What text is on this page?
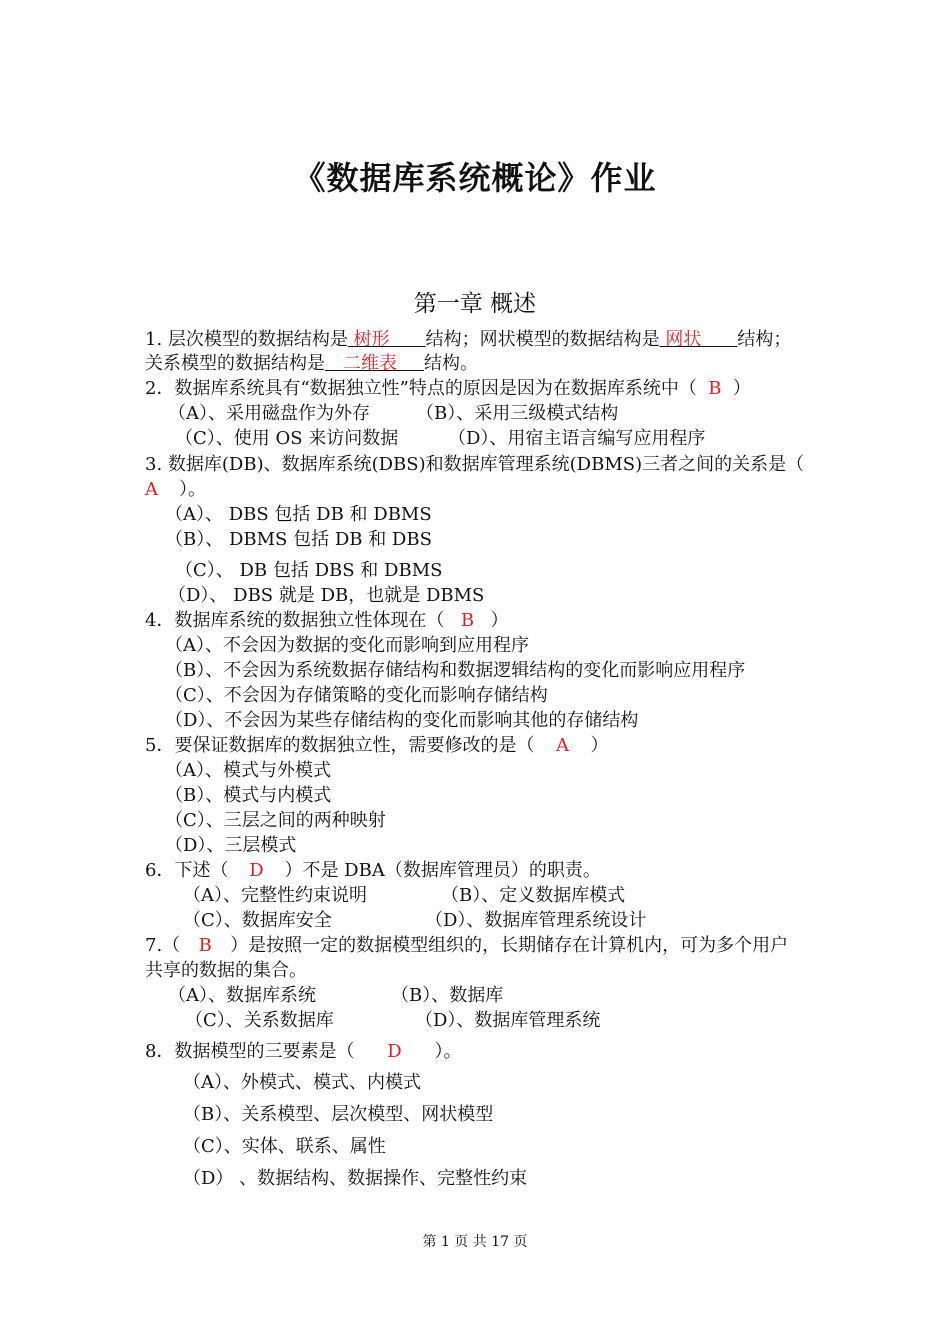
《数据库系统概论》作业
第一章 概述
1. 层次模型的数据结构是 树形   结构；网状模型的数据结构是 网状   结构；
关系模型的数据结构是   二维表   结构。
2．数据库系统具有“数据独立性”特点的原因是因为在数据库系统中（ B ）
（A）、采用磁盘作为外存	（B）、采用三级模式结构
（C）、使用 OS 来访问数据	（D）、用宿主语言编写应用程序
3. 数据库(DB)、数据库系统(DBS)和数据库管理系统(DBMS)三者之间的关系是（
A ）。
（A）、 DBS 包括 DB 和 DBMS
（B）、 DBMS 包括 DB 和 DBS
（C）、 DB 包括 DBS 和 DBMS
（D）、 DBS 就是 DB，也就是 DBMS
4．数据库系统的数据独立性体现在（ B ）
（A）、不会因为数据的变化而影响到应用程序
（B）、不会因为系统数据存储结构和数据逻辑结构的变化而影响应用程序
（C）、不会因为存储策略的变化而影响存储结构
（D）、不会因为某些存储结构的变化而影响其他的存储结构
5．要保证数据库的数据独立性，需要修改的是（ A ）
（A）、模式与外模式
（B）、模式与内模式
（C）、三层之间的两种映射
（D）、三层模式
6．下述（ D ）不是 DBA（数据库管理员）的职责。
（A）、完整性约束说明	（B）、定义数据库模式
（C）、数据库安全	（D）、数据库管理系统设计
7.（ B ）是按照一定的数据模型组织的，长期储存在计算机内，可为多个用户
共享的数据的集合。
（A）、数据库系统	（B）、数据库
（C）、关系数据库	（D）、数据库管理系统
8．数据模型的三要素是（ D ）。
（A）、外模式、模式、内模式
（B）、关系模型、层次模型、网状模型
（C）、实体、联系、属性
（D） 、数据结构、数据操作、完整性约束
第 1 页 共 17 页
